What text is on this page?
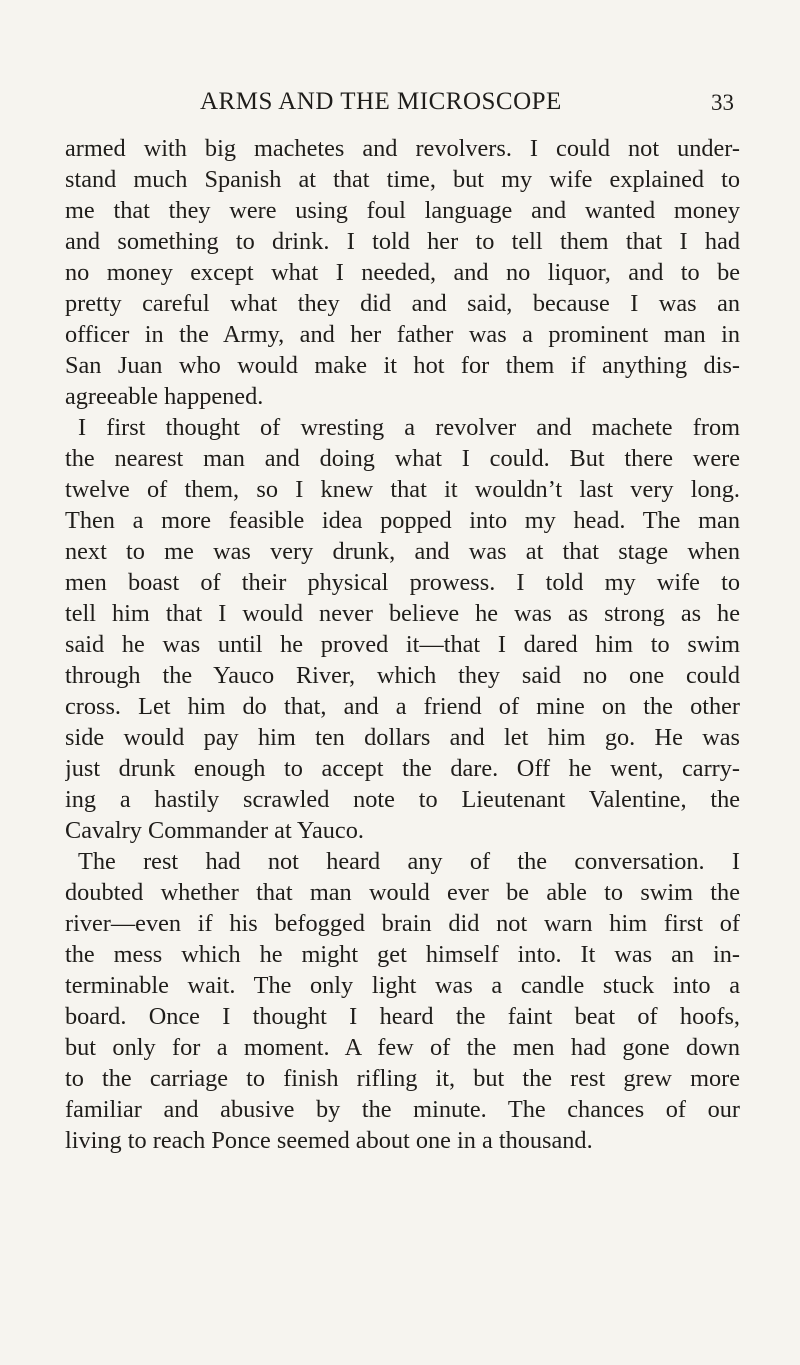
ARMS AND THE MICROSCOPE	33
armed with big machetes and revolvers. I could not under-
stand much Spanish at that time, but my wife explained to
me that they were using foul language and wanted money
and something to drink. I told her to tell them that I had
no money except what I needed, and no liquor, and to be
pretty careful what they did and said, because I was an
officer in the Army, and her father was a prominent man in
San Juan who would make it hot for them if anything dis-
agreeable happened.
I first thought of wresting a revolver and machete from
the nearest man and doing what I could. But there were
twelve of them, so I knew that it wouldn’t last very long.
Then a more feasible idea popped into my head. The man
next to me was very drunk, and was at that stage when
men boast of their physical prowess. I told my wife to
tell him that I would never believe he was as strong as he
said he was until he proved it—that I dared him to swim
through the Yauco River, which they said no one could
cross. Let him do that, and a friend of mine on the other
side would pay him ten dollars and let him go. He was
just drunk enough to accept the dare. Off he went, carry-
ing a hastily scrawled note to Lieutenant Valentine, the
Cavalry Commander at Yauco.
The rest had not heard any of the conversation. I
doubted whether that man would ever be able to swim the
river—even if his befogged brain did not warn him first of
the mess which he might get himself into. It was an in-
terminable wait. The only light was a candle stuck into a
board. Once I thought I heard the faint beat of hoofs,
but only for a moment. A few of the men had gone down
to the carriage to finish rifling it, but the rest grew more
familiar and abusive by the minute. The chances of our
living to reach Ponce seemed about one in a thousand.
